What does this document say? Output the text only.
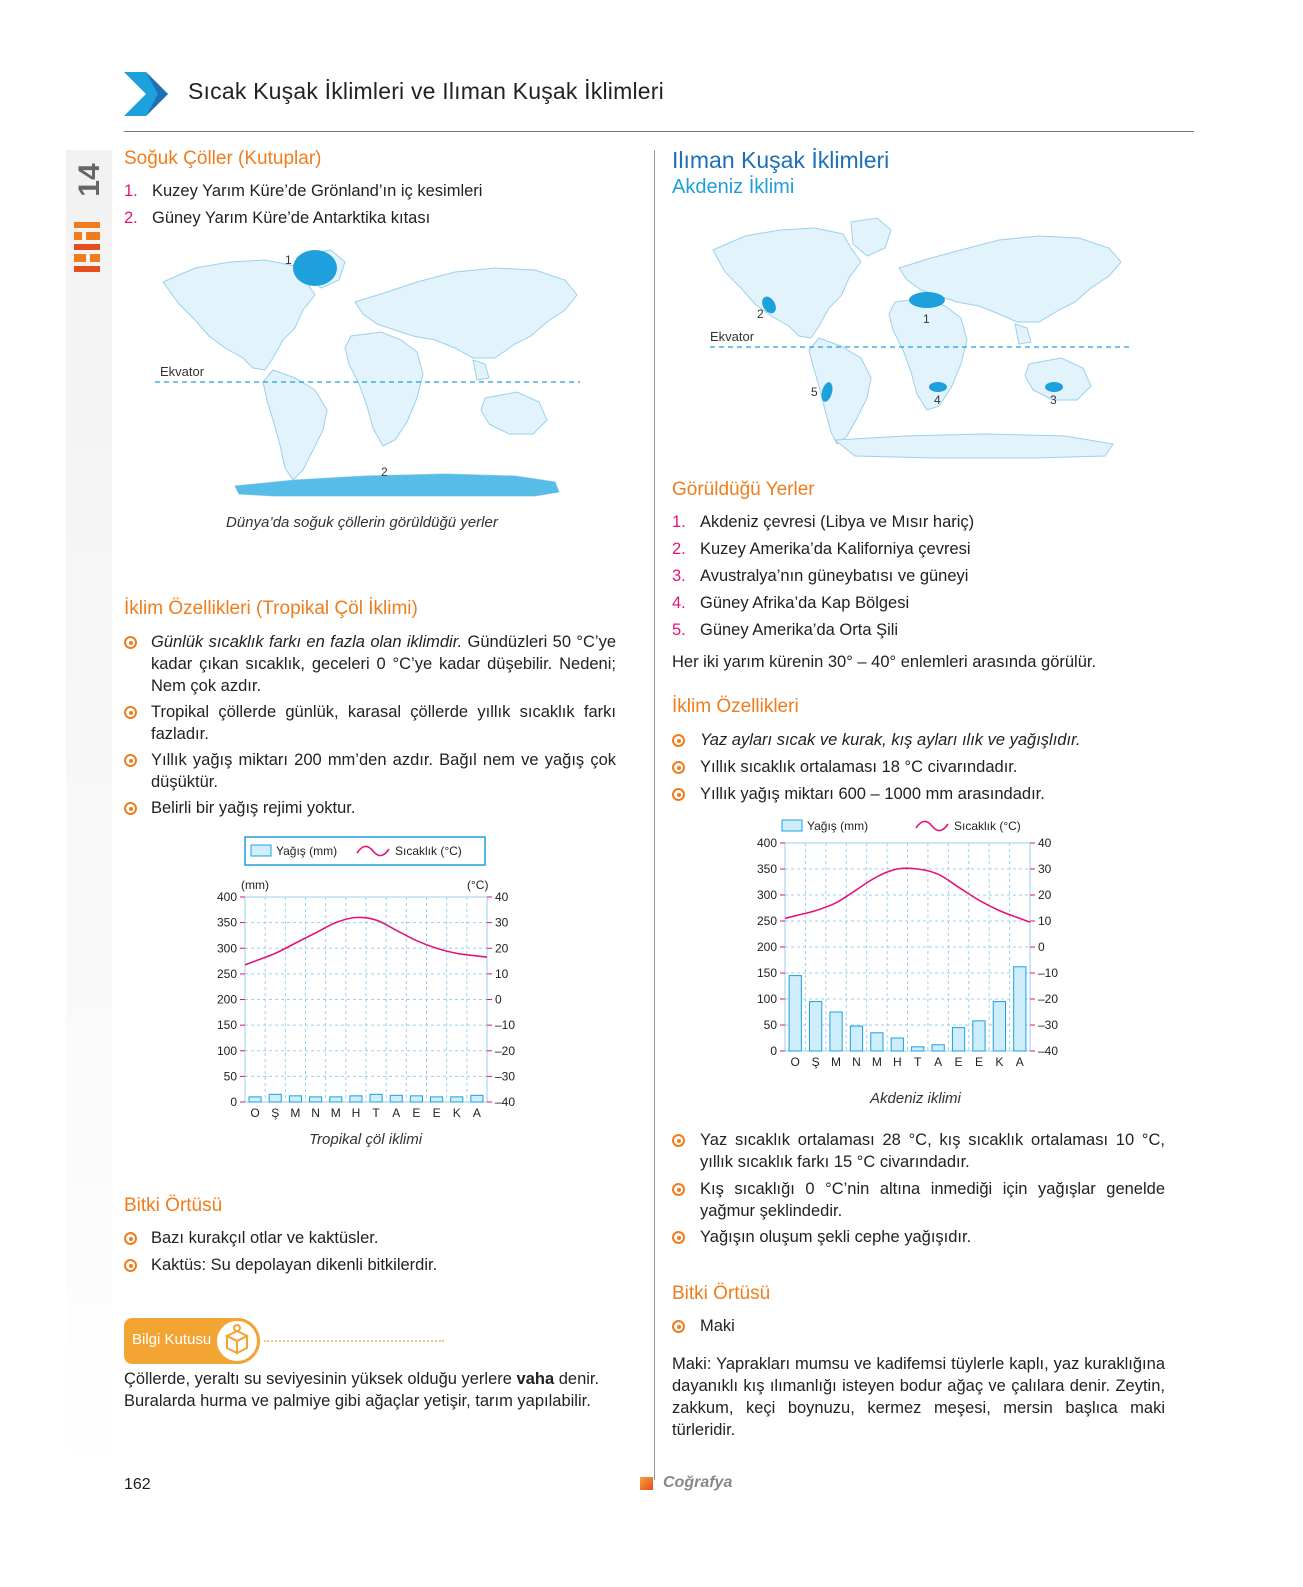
Sıcak Kuşak İklimleri ve Ilıman Kuşak İklimleri
14
Soğuk Çöller (Kutuplar)
1. Kuzey Yarım Küre’de Grönland’ın iç kesimleri
2. Güney Yarım Küre’de Antarktika kıtası
Ekvator
1
2
Dünya’da soğuk çöllerin görüldüğü yerler
İklim Özellikleri (Tropikal Çöl İklimi)
Günlük sıcaklık farkı en fazla olan iklimdir. Gündüzleri 50 °C’ye kadar çıkan sıcaklık, geceleri 0 °C’ye kadar düşebilir. Nedeni; Nem çok azdır.
Tropikal çöllerde günlük, karasal çöllerde yıllık sıcaklık farkı fazladır.
Yıllık yağış miktarı 200 mm’den azdır. Bağıl nem ve yağış çok düşüktür.
Belirli bir yağış rejimi yoktur.
Yağış (mm)	Sıcaklık (°C)
(mm)	(°C)
0
50
100
150
200
250
300
350
400
–40
–30
–20
–10
0
10
20
30
40
O Ş M N M H T A E E K A
Tropikal çöl iklimi
Bitki Örtüsü
Bazı kurakçıl otlar ve kaktüsler.
Kaktüs: Su depolayan dikenli bitkilerdir.
Bilgi Kutusu
Çöllerde, yeraltı su seviyesinin yüksek olduğu yerlere vaha denir. Buralarda hurma ve palmiye gibi ağaçlar yetişir, tarım yapılabilir.
Ilıman Kuşak İklimleri
Akdeniz İklimi
Ekvator
1
2
3
4
5
Görüldüğü Yerler
1. Akdeniz çevresi (Libya ve Mısır hariç)
2. Kuzey Amerika’da Kaliforniya çevresi
3. Avustralya’nın güneybatısı ve güneyi
4. Güney Afrika’da Kap Bölgesi
5. Güney Amerika’da Orta Şili
Her iki yarım kürenin 30° – 40° enlemleri arasında görülür.
İklim Özellikleri
Yaz ayları sıcak ve kurak, kış ayları ılık ve yağışlıdır.
Yıllık sıcaklık ortalaması 18 °C civarındadır.
Yıllık yağış miktarı 600 – 1000 mm arasındadır.
Yağış (mm)	Sıcaklık (°C)
0
50
100
150
200
250
300
350
400
–40
–30
–20
–10
0
10
20
30
40
O Ş M N M H T A E E K A
Akdeniz iklimi
Yaz sıcaklık ortalaması 28 °C, kış sıcaklık ortalaması 10 °C, yıllık sıcaklık farkı 15 °C civarındadır.
Kış sıcaklığı 0 °C’nin altına inmediği için yağışlar genelde yağmur şeklindedir.
Yağışın oluşum şekli cephe yağışıdır.
Bitki Örtüsü
Maki
Maki: Yaprakları mumsu ve kadifemsi tüylerle kaplı, yaz kuraklığına dayanıklı kış ılımanlığı isteyen bodur ağaç ve çalılara denir. Zeytin, zakkum, keçi boynuzu, kermez meşesi, mersin başlıca maki türleridir.
162	Coğrafya
